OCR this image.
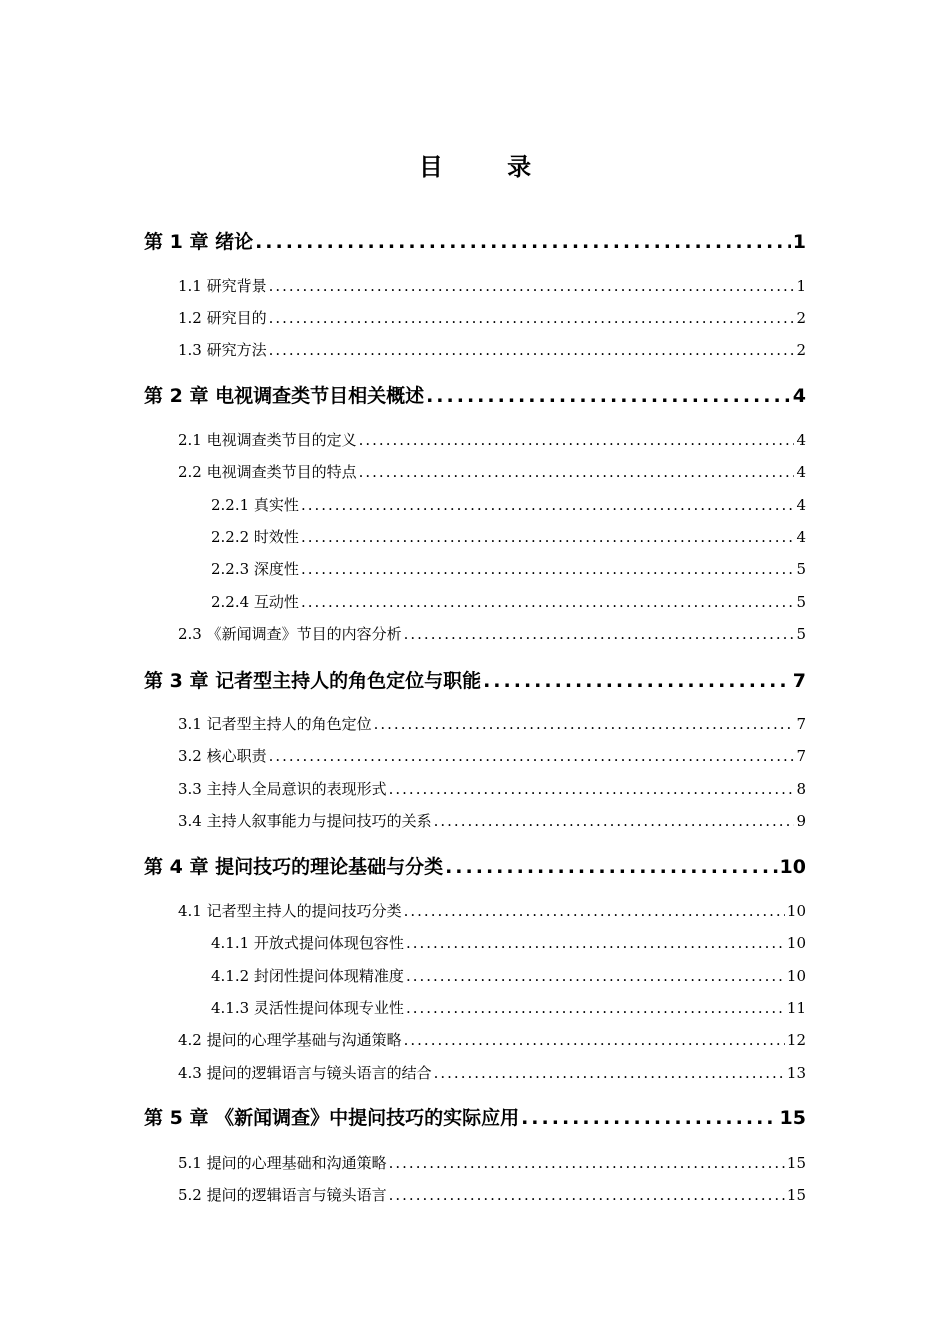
目 录
第 1 章 绪论 .....	1
1.1 研究背景 .....	1
1.2 研究目的 .....	2
1.3 研究方法 .....	2
第 2 章 电视调查类节目相关概述 .....	4
2.1 电视调查类节目的定义 .....	4
2.2 电视调查类节目的特点 .....	4
2.2.1 真实性 .....	4
2.2.2 时效性 .....	4
2.2.3 深度性 .....	5
2.2.4 互动性 .....	5
2.3 《新闻调查》节目的内容分析 .....	5
第 3 章 记者型主持人的角色定位与职能 .....	7
3.1 记者型主持人的角色定位 .....	7
3.2 核心职责 .....	7
3.3 主持人全局意识的表现形式 .....	8
3.4 主持人叙事能力与提问技巧的关系 .....	9
第 4 章 提问技巧的理论基础与分类 .....	10
4.1 记者型主持人的提问技巧分类 .....	10
4.1.1 开放式提问体现包容性 .....	10
4.1.2 封闭性提问体现精准度 .....	10
4.1.3 灵活性提问体现专业性 .....	11
4.2 提问的心理学基础与沟通策略 .....	12
4.3 提问的逻辑语言与镜头语言的结合 .....	13
第 5 章 《新闻调查》中提问技巧的实际应用 .....	15
5.1 提问的心理基础和沟通策略 .....	15
5.2 提问的逻辑语言与镜头语言 .....	15
